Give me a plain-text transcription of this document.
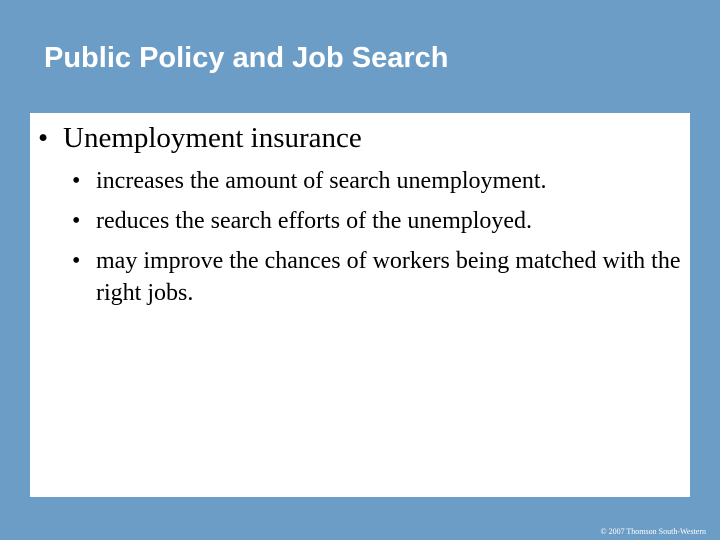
Public Policy and Job Search
• Unemployment insurance
• increases the amount of search unemployment.
• reduces the search efforts of the unemployed.
• may improve the chances of workers being matched with the right jobs.
© 2007 Thomson South-Western
